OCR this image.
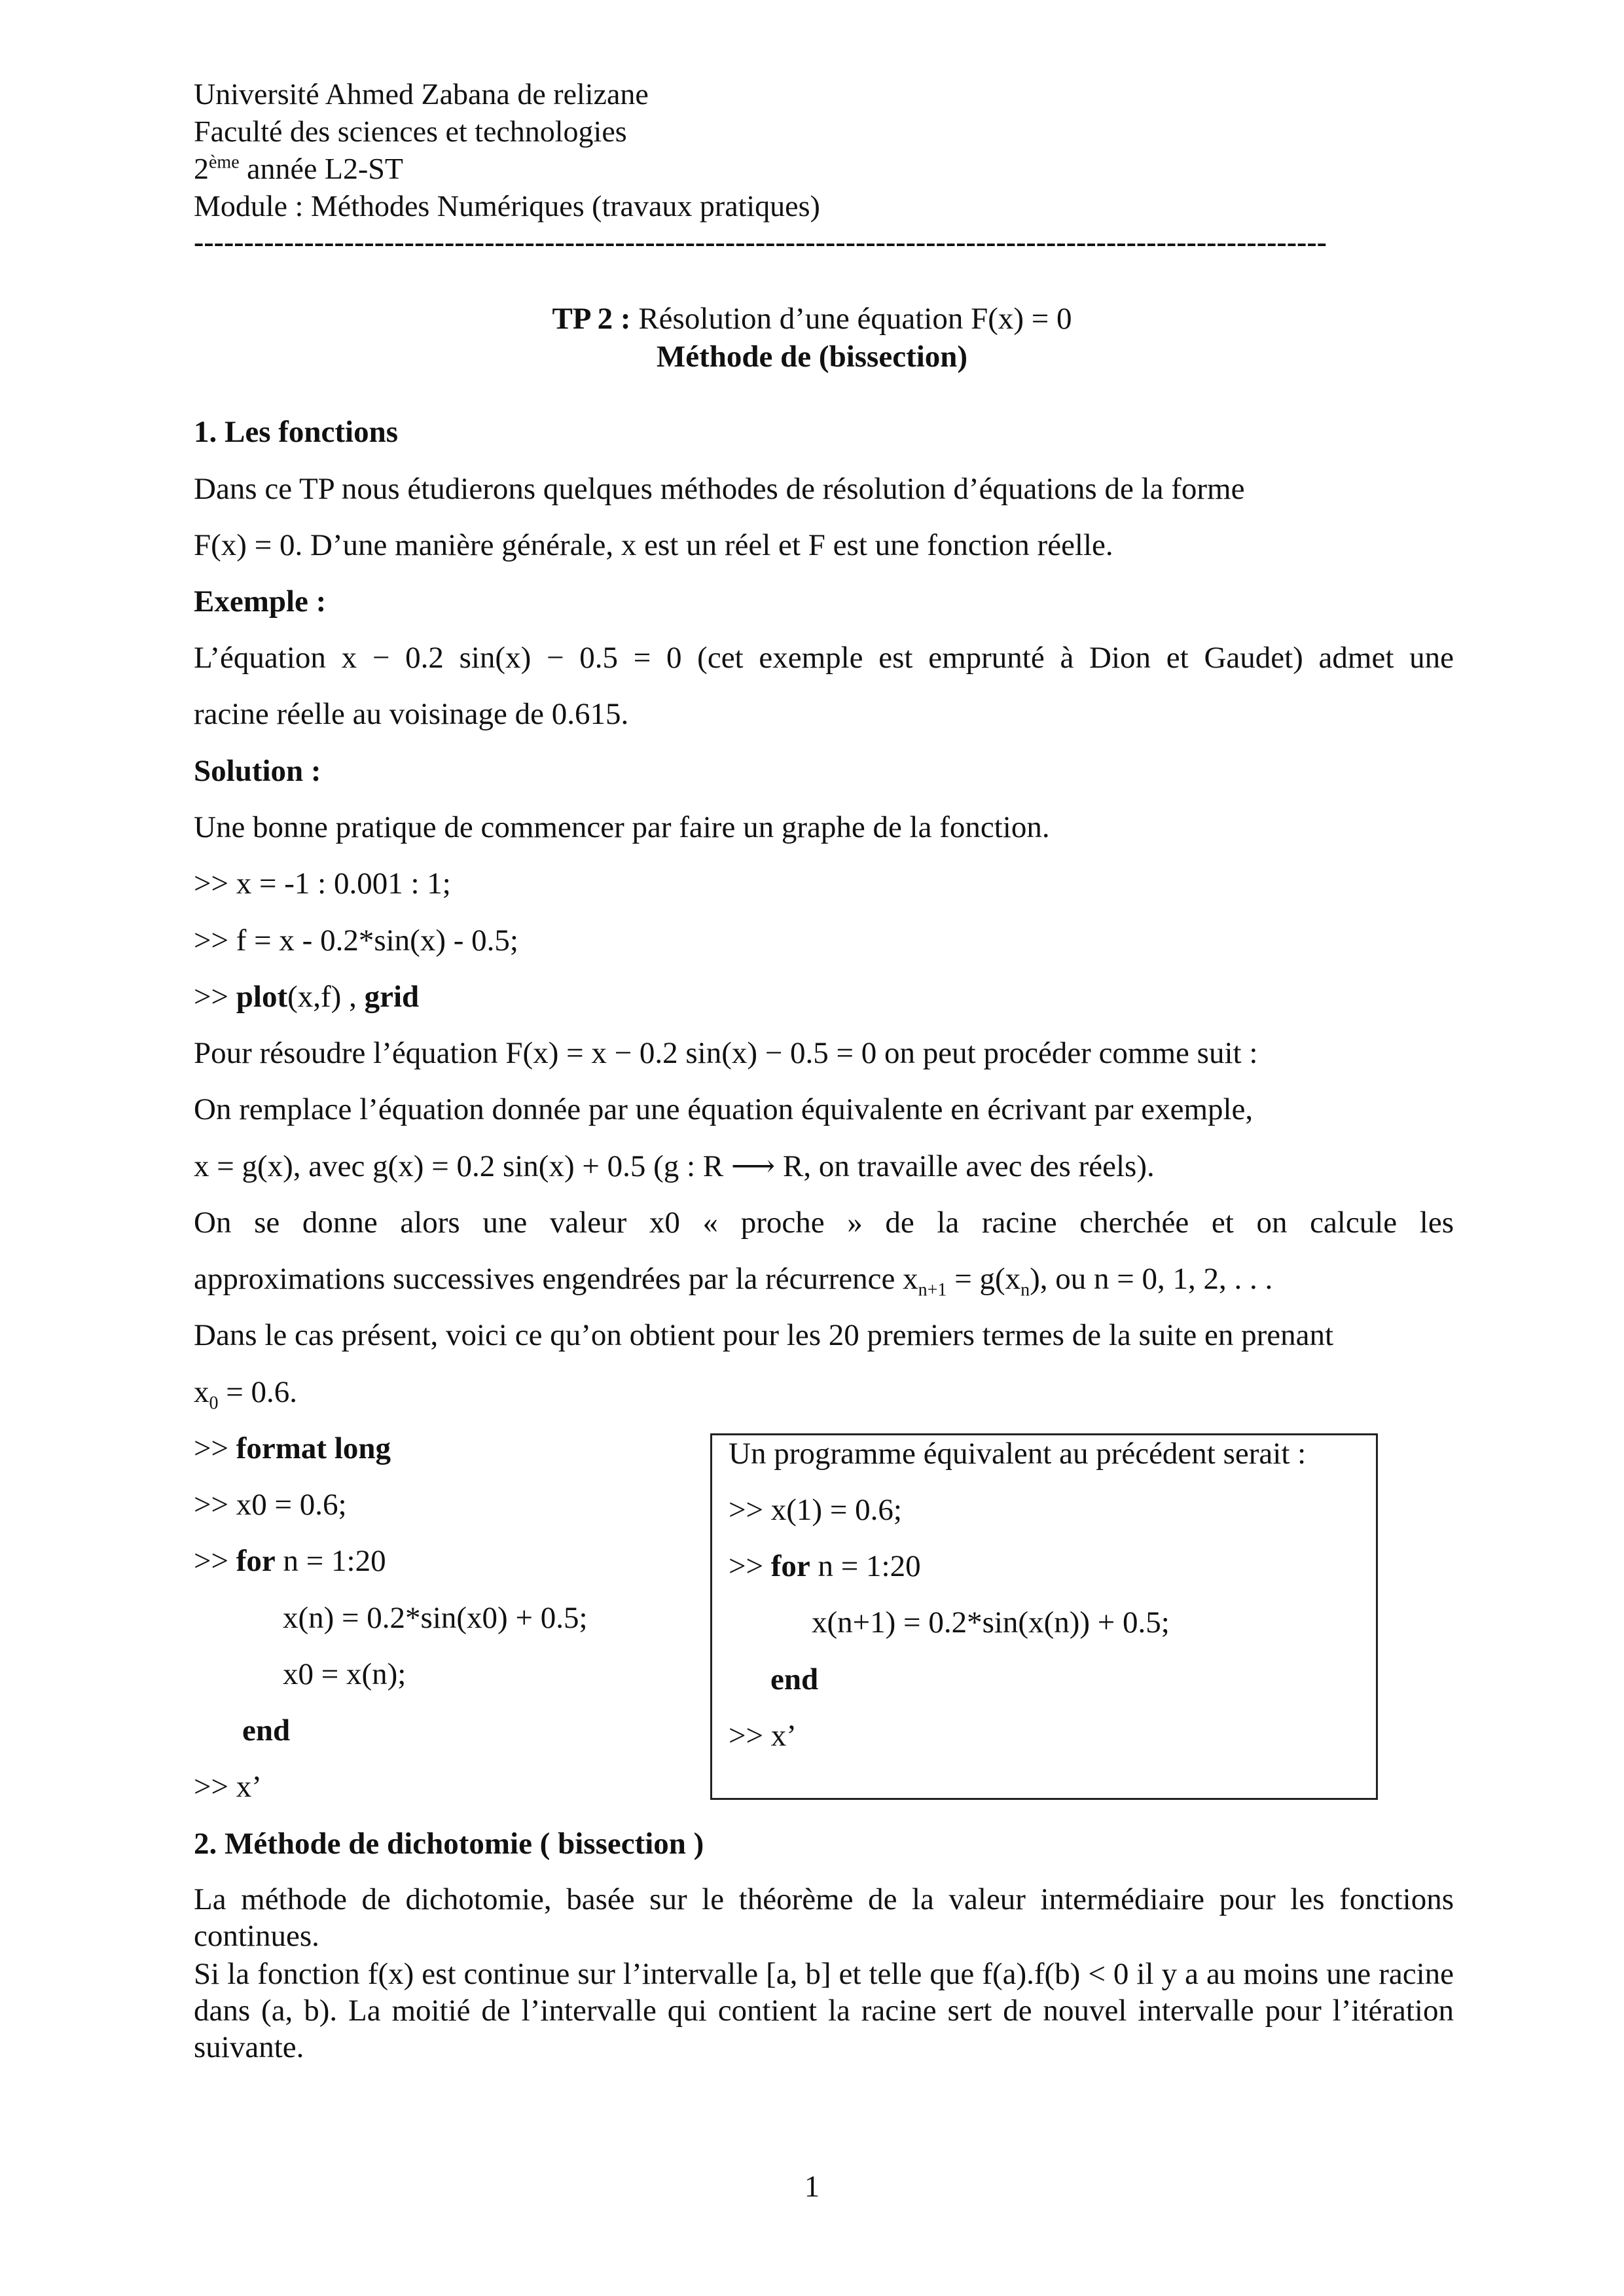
Université Ahmed Zabana de relizane
Faculté des sciences et technologies
2ème année L2-ST
Module : Méthodes Numériques (travaux pratiques)
-----------------------------------------------------------------------------------------------------------------
TP 2 : Résolution d’une équation F(x) = 0
Méthode de (bissection)
1. Les fonctions
Dans ce TP nous étudierons quelques méthodes de résolution d’équations de la forme
F(x) = 0. D’une manière générale, x est un réel et F est une fonction réelle.
Exemple :
L’équation x − 0.2 sin(x) − 0.5 = 0 (cet exemple est emprunté à Dion et Gaudet) admet une
racine réelle au voisinage de 0.615.
Solution :
Une bonne pratique de commencer par faire un graphe de la fonction.
>> x = -1 : 0.001 : 1;
>> f = x - 0.2*sin(x) - 0.5;
>> plot(x,f) , grid
Pour résoudre l’équation F(x) = x − 0.2 sin(x) − 0.5 = 0 on peut procéder comme suit :
On remplace l’équation donnée par une équation équivalente en écrivant par exemple,
x = g(x), avec g(x) = 0.2 sin(x) + 0.5 (g : R ⟶ R, on travaille avec des réels).
On se donne alors une valeur x0 « proche » de la racine cherchée et on calcule les
approximations successives engendrées par la récurrence $x_{n+1} = g(x_n)$, ou n = 0, 1, 2, . . .
Dans le cas présent, voici ce qu’on obtient pour les 20 premiers termes de la suite en prenant
$x_0 = 0.6$.
>> format long
>> x0 = 0.6;
>> for n = 1:20
x(n) = 0.2*sin(x0) + 0.5;
x0 = x(n);
end
>> x’
Un programme équivalent au précédent serait :
>> x(1) = 0.6;
>> for n = 1:20
x(n+1) = 0.2*sin(x(n)) + 0.5;
end
>> x’
2. Méthode de dichotomie ( bissection )
La méthode de dichotomie, basée sur le théorème de la valeur intermédiaire pour les fonctions continues.
Si la fonction f(x) est continue sur l’intervalle [a, b] et telle que f(a).f(b) < 0 il y a au moins une racine dans (a, b). La moitié de l’intervalle qui contient la racine sert de nouvel intervalle pour l’itération suivante.
1
